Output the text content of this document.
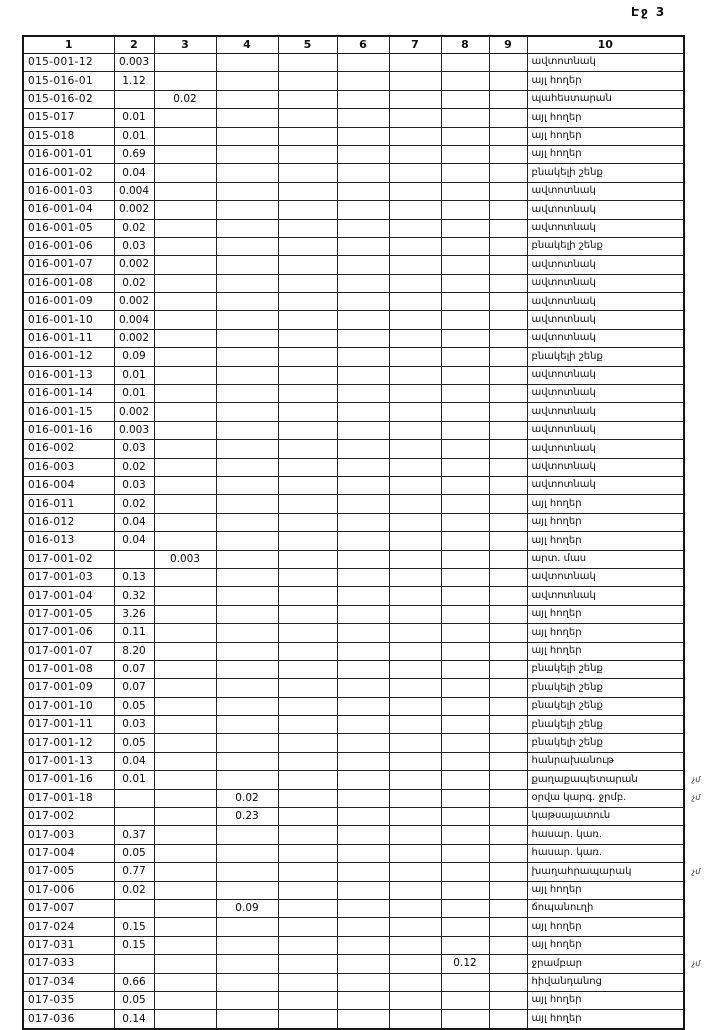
Էջ 3
1	2	3	4	5	6	7	8	9	10	
015-001-12	0.003								ավտոտնակ	
015-016-01	1.12								այլ հողեր	
015-016-02		0.02							պահեստարան	
015-017	0.01								այլ հողեր	
015-018	0.01								այլ հողեր	
016-001-01	0.69								այլ հողեր	
016-001-02	0.04								բնակելի շենք	
016-001-03	0.004								ավտոտնակ	
016-001-04	0.002								ավտոտնակ	
016-001-05	0.02								ավտոտնակ	
016-001-06	0.03								բնակելի շենք	
016-001-07	0.002								ավտոտնակ	
016-001-08	0.02								ավտոտնակ	
016-001-09	0.002								ավտոտնակ	
016-001-10	0.004								ավտոտնակ	
016-001-11	0.002								ավտոտնակ	
016-001-12	0.09								բնակելի շենք	
016-001-13	0.01								ավտոտնակ	
016-001-14	0.01								ավտոտնակ	
016-001-15	0.002								ավտոտնակ	
016-001-16	0.003								ավտոտնակ	
016-002	0.03								ավտոտնակ	
016-003	0.02								ավտոտնակ	
016-004	0.03								ավտոտնակ	
016-011	0.02								այլ հողեր	
016-012	0.04								այլ հողեր	
016-013	0.04								այլ հողեր	
017-001-02		0.003							արտ. մաս	
017-001-03	0.13								ավտոտնակ	
017-001-04	0.32								ավտոտնակ	
017-001-05	3.26								այլ հողեր	
017-001-06	0.11								այլ հողեր	
017-001-07	8.20								այլ հողեր	
017-001-08	0.07								բնակելի շենք	
017-001-09	0.07								բնակելի շենք	
017-001-10	0.05								բնակելի շենք	
017-001-11	0.03								բնակելի շենք	
017-001-12	0.05								բնակելի շենք	
017-001-13	0.04								հանրախանութ	
017-001-16	0.01								քաղաքապետարան	չմ
017-001-18			0.02						օրվա կարգ. ջրմբ.	չմ
017-002			0.23						կաթսայատուն	
017-003	0.37								հասար. կառ.	
017-004	0.05								հասար. կառ.	
017-005	0.77								խաղահրապարակ	չմ
017-006	0.02								այլ հողեր	
017-007			0.09						ճոպանուղի	
017-024	0.15								այլ հողեր	
017-031	0.15								այլ հողեր	
017-033							0.12		ջրամբար	չմ
017-034	0.66								հիվանդանոց	
017-035	0.05								այլ հողեր	
017-036	0.14								այլ հողեր	
